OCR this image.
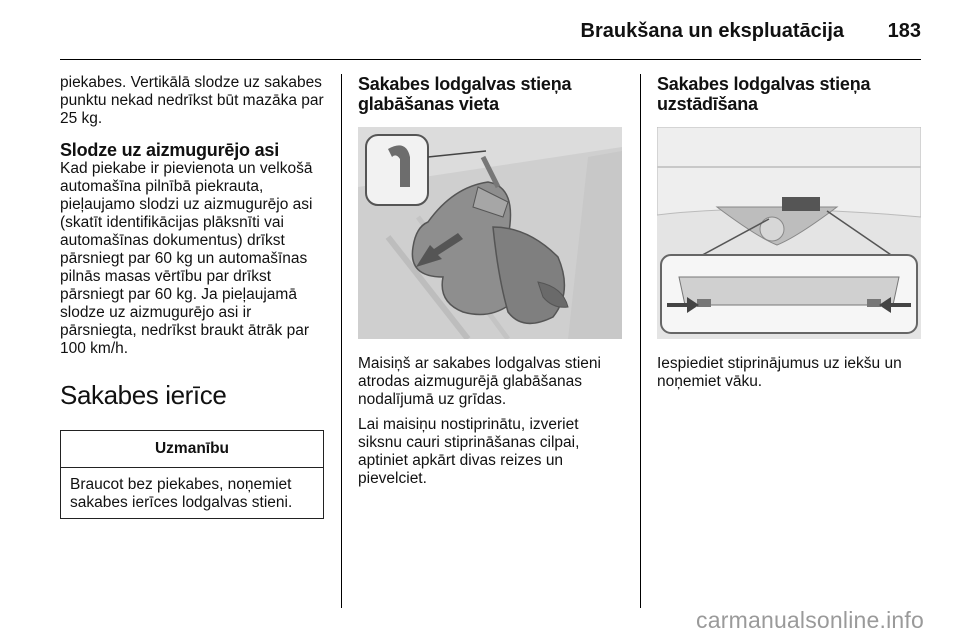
Braukšana un ekspluatācija 183

piekabes. Vertikālā slodze uz sakabes punktu nekad nedrīkst būt mazāka par 25 kg.

Slodze uz aizmugurējo asi

Kad piekabe ir pievienota un velkošā automašīna pilnībā piekrauta, pieļaujamo slodzi uz aizmugurējo asi (skatīt identifikācijas plāksnīti vai automašīnas dokumentus) drīkst pārsniegt par 60 kg un automašīnas pilnās masas vērtību par drīkst pārsniegt par 60 kg. Ja pieļaujamā slodze uz aizmugurējo asi ir pārsniegta, nedrīkst braukt ātrāk par 100 km/h.

Sakabes ierīce
Uzmanību
Braucot bez piekabes, noņemiet sakabes ierīces lodgalvas stieni.
Sakabes lodgalvas stieņa glabāšanas vieta

Maisiņš ar sakabes lodgalvas stieni atrodas aizmugurējā glabāšanas nodalījumā uz grīdas.

Lai maisiņu nostiprinātu, izveriet siksnu cauri stiprināšanas cilpai, aptiniet apkārt divas reizes un pievelciet.

Sakabes lodgalvas stieņa uzstādīšana

Iespiediet stiprinājumus uz iekšu un noņemiet vāku.

carmanualsonline.info
